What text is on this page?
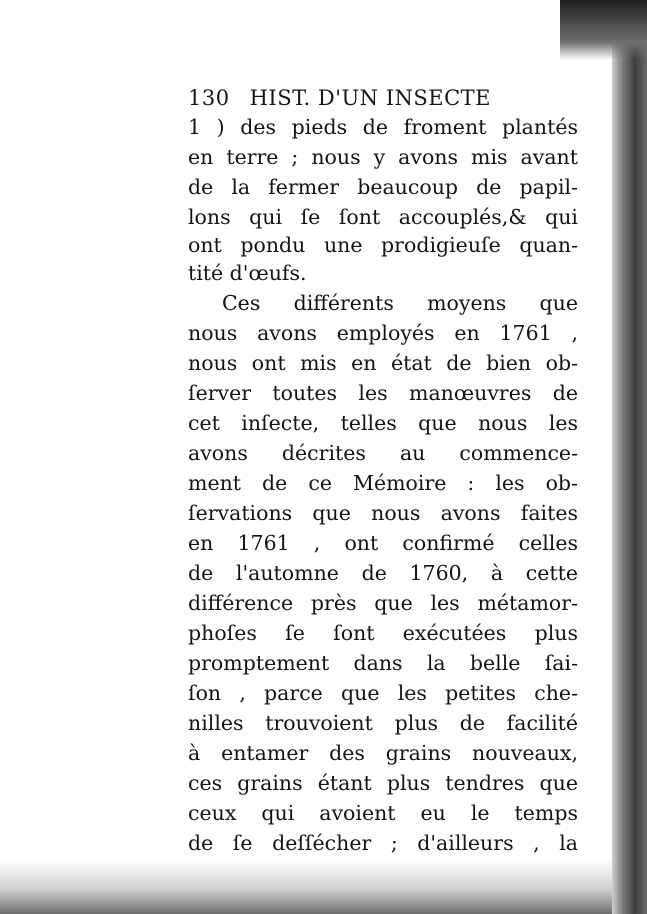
130 HIST. D'UN INSECTE
1 ) des pieds de froment plantés
en terre ; nous y avons mis avant
de la fermer beaucoup de papil-
lons qui ſe ſont accouplés,& qui
ont pondu une prodigieuſe quan-
tité d'œufs.
Ces différents moyens que
nous avons employés en 1761 ,
nous ont mis en état de bien ob-
ſerver toutes les manœuvres de
cet inſecte, telles que nous les
avons décrites au commence-
ment de ce Mémoire : les ob-
ſervations que nous avons faites
en 1761 , ont confirmé celles
de l'automne de 1760, à cette
différence près que les métamor-
phoſes ſe ſont exécutées plus
promptement dans la belle ſai-
ſon , parce que les petites che-
nilles trouvoient plus de facilité
à entamer des grains nouveaux,
ces grains étant plus tendres que
ceux qui avoient eu le temps
de ſe deſſécher ; d'ailleurs , la
